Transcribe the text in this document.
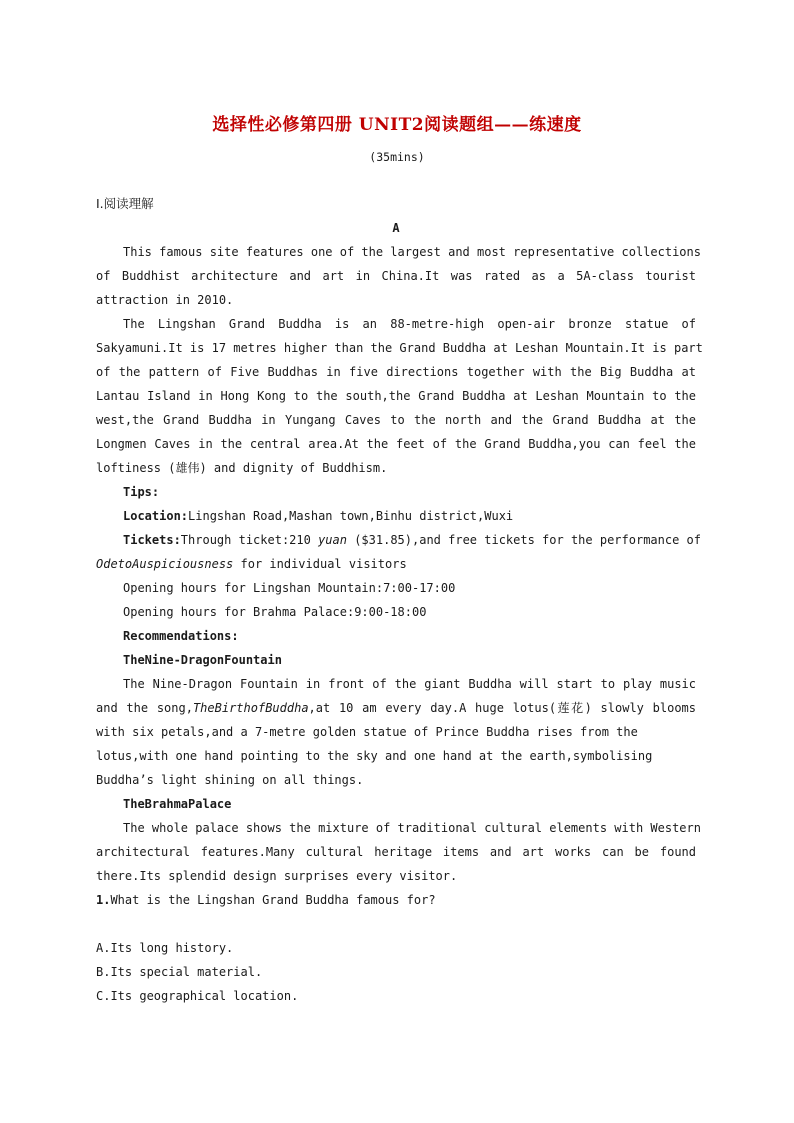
选择性必修第四册 UNIT2阅读题组——练速度
(35mins)
Ⅰ.阅读理解
A
This famous site features one of the largest and most representative collections
of Buddhist architecture and art in China.It was rated as a 5A-class tourist
attraction in 2010.
The Lingshan Grand Buddha is an 88-metre-high open-air bronze statue of
Sakyamuni.It is 17 metres higher than the Grand Buddha at Leshan Mountain.It is part
of the pattern of Five Buddhas in five directions together with the Big Buddha at
Lantau Island in Hong Kong to the south,the Grand Buddha at Leshan Mountain to the
west,the Grand Buddha in Yungang Caves to the north and the Grand Buddha at the
Longmen Caves in the central area.At the feet of the Grand Buddha,you can feel the
loftiness (雄伟) and dignity of Buddhism.
Tips:
Location:Lingshan Road,Mashan town,Binhu district,Wuxi
Tickets:Through ticket:210 yuan ($31.85),and free tickets for the performance of
OdetoAuspiciousness for individual visitors
Opening hours for Lingshan Mountain:7:00-17:00
Opening hours for Brahma Palace:9:00-18:00
Recommendations:
TheNine-DragonFountain
The Nine-Dragon Fountain in front of the giant Buddha will start to play music
and the song,TheBirthofBuddha,at 10 am every day.A huge lotus(莲花) slowly blooms
with six petals,and a 7-metre golden statue of Prince Buddha rises from the
lotus,with one hand pointing to the sky and one hand at the earth,symbolising
Buddha’s light shining on all things.
TheBrahmaPalace
The whole palace shows the mixture of traditional cultural elements with Western
architectural features.Many cultural heritage items and art works can be found
there.Its splendid design surprises every visitor.
1.What is the Lingshan Grand Buddha famous for?
A.Its long history.
B.Its special material.
C.Its geographical location.
